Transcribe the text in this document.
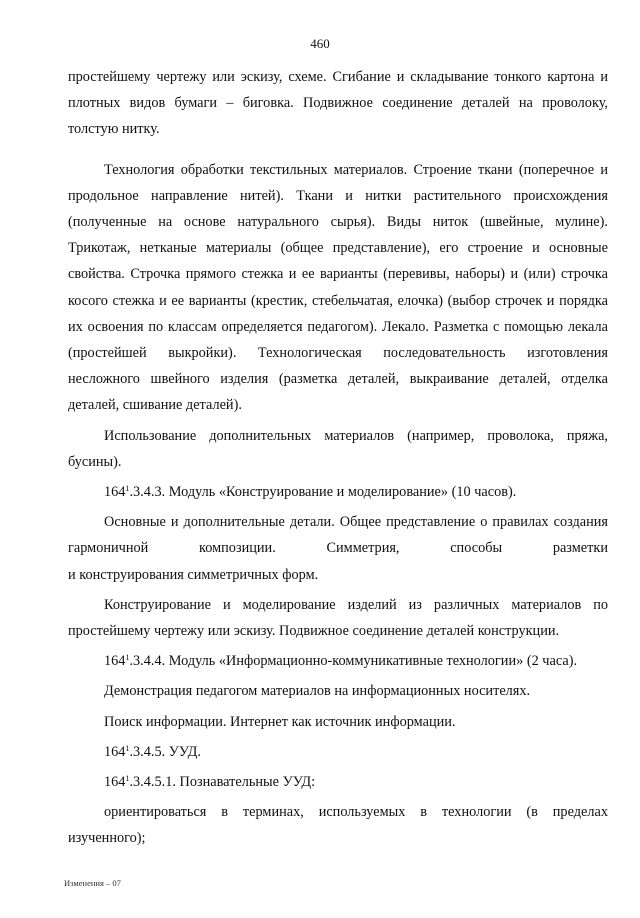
460

простейшему чертежу или эскизу, схеме. Сгибание и складывание тонкого картона и плотных видов бумаги – биговка. Подвижное соединение деталей на проволоку, толстую нитку.

Технология обработки текстильных материалов. Строение ткани (поперечное и продольное направление нитей). Ткани и нитки растительного происхождения (полученные на основе натурального сырья). Виды ниток (швейные, мулине). Трикотаж, нетканые материалы (общее представление), его строение и основные свойства. Строчка прямого стежка и ее варианты (перевивы, наборы) и (или) строчка косого стежка и ее варианты (крестик, стебельчатая, елочка) (выбор строчек и порядка их освоения по классам определяется педагогом). Лекало. Разметка с помощью лекала (простейшей выкройки). Технологическая последовательность изготовления несложного швейного изделия (разметка деталей, выкраивание деталей, отделка деталей, сшивание деталей).

Использование дополнительных материалов (например, проволока, пряжа, бусины).

$164^1.3.4.3$. Модуль «Конструирование и моделирование» (10 часов).

Основные и дополнительные детали. Общее представление о правилах создания гармоничной композиции. Симметрия, способы разметки

и конструирования симметричных форм.

Конструирование и моделирование изделий из различных материалов по простейшему чертежу или эскизу. Подвижное соединение деталей конструкции.

$164^1.3.4.4$. Модуль «Информационно-коммуникативные технологии» (2 часа).

Демонстрация педагогом материалов на информационных носителях.

Поиск информации. Интернет как источник информации.

$164^1.3.4.5$. УУД.

$164^1.3.4.5.1$. Познавательные УУД:

ориентироваться в терминах, используемых в технологии (в пределах изученного);

Изменения – 07
